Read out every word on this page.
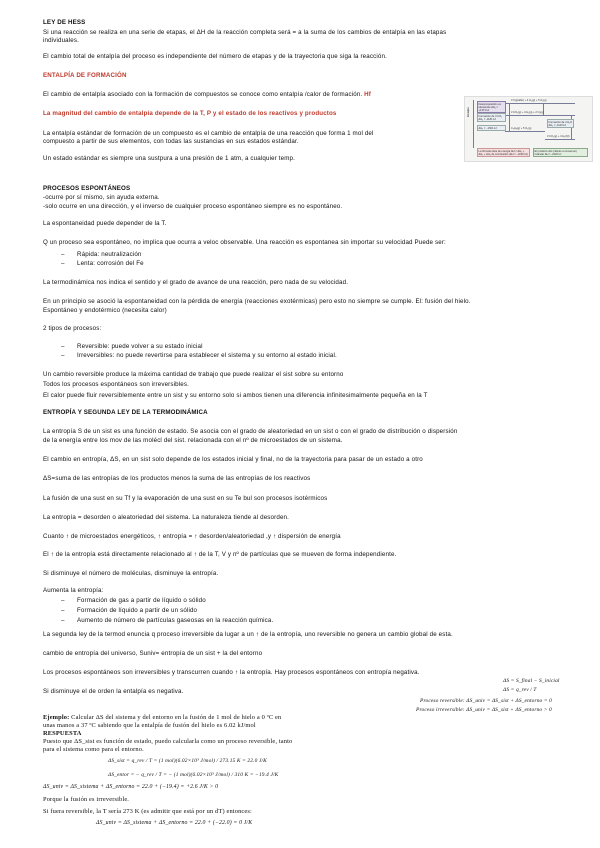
LEY DE HESS
Si una reacción se realiza en una serie de etapas, el ΔH de la reacción completa será = a la suma de los cambios de entalpía en las etapas
individuales.
El cambio total de entalpía del proceso es independiente del número de etapas y de la trayectoria que siga la reacción.
ENTALPÍA DE FORMACIÓN
El cambio de entalpía asociado con la formación de compuestos se conoce como entalpía /calor de formación. Hf
La magnitud del cambio de entalpía depende de la T, P y el estado de los reactivos y productos
La entalpía estándar de formación de un compuesto es el cambio de entalpía de una reacción que forma 1 mol del
compuesto a partir de sus elementos, con todas las sustancias en sus estados estándar.
Un estado estándar es siempre una sustpura a una presión de 1 atm, a cualquier temp.
Entalpía
Descomposición en elementos ΔH₁ = +1371 kJ
Formación de 3 CO₂ ΔH₂ = -1181 kJ
ΔH₃ = −1661 kJ
3 C(grafito) + 4 H₂(g) + 5 O₂(g)
3 CO₂(g) + 4 H₂(g) + 2 O₂(g)
Formación de 4 H₂O ΔH₃ = -1143 kJ
3 CO₂(g) + 4 H₂O(l)
C₃H₈(g) + 5 O₂(g)
La fórmula clara de energía ΔH = ΔH₁ + ΔH₂ + ΔH₃ de combustión (ΔH = −2220 kJ)
El producto ΔH (cálculo a conservar) Calcular ΔH = -2220 kJ
PROCESOS ESPONTÁNEOS
-ocurre por sí mismo, sin ayuda externa.
-solo ocurre en una dirección, y el inverso de cualquier proceso espontáneo siempre es no espontáneo.
La espontaneidad puede depender de la T.
Q un proceso sea espontáneo, no implica que ocurra a veloc observable. Una reacción es espontanea sin importar su velocidad Puede ser:
– Rápida: neutralización
– Lenta: corrosión del Fe
La termodinámica nos indica el sentido y el grado de avance de una reacción, pero nada de su velocidad.
En un principio se asoció la espontaneidad con la pérdida de energía (reacciones exotérmicas) pero esto no siempre se cumple. El: fusión del hielo.
Espontáneo y endotérmico (necesita calor)
2 tipos de procesos:
– Reversible: puede volver a su estado inicial
– Irreversibles: no puede revertirse para establecer el sistema y su entorno al estado inicial.
Un cambio reversible produce la máxima cantidad de trabajo que puede realizar el sist sobre su entorno
Todos los procesos espontáneos son irreversibles.
El calor puede fluir reversiblemente entre un sist y su entorno solo si ambos tienen una diferencia infinitesimalmente pequeña en la T
ENTROPÍA Y SEGUNDA LEY DE LA TERMODINÁMICA
La entropía S de un sist es una función de estado. Se asocia con el grado de aleatoriedad en un sist o con el grado de distribución o dispersión
de la energía entre los mov de las molécl del sist. relacionada con el nº de microestados de un sistema.
El cambio en entropía, ΔS, en un sist solo depende de los estados inicial y final, no de la trayectoria para pasar de un estado a otro
ΔS=suma de las entropías de los productos menos la suma de las entropías de los reactivos
La fusión de una sust en su Tf y la evaporación de una sust en su Te bul son procesos isotérmicos
La entropía = desorden o aleatoriedad del sistema. La naturaleza tiende al desorden.
Cuanto ↑ de microestados energéticos, ↑ entropía = ↑ desorden/aleatoriedad ,y ↑ dispersión de energía
El ↑ de la entropía está directamente relacionado al ↑ de la T, V y nº de partículas que se mueven de forma independiente.
Si disminuye el número de moléculas, disminuye la entropía.
Aumenta la entropía:
– Formación de gas a partir de líquido o sólido
– Formación de líquido a partir de un sólido
– Aumento de número de partículas gaseosas en la reacción química.
La segunda ley de la termod enuncia q proceso irreversible da lugar a un ↑ de la entropía, uno reversible no genera un cambio global de esta.
cambio de entropía del universo, Suniv= entropía de un sist + la del entorno
Los procesos espontáneos son irreversibles y transcurren cuando ↑ la entropía. Hay procesos espontáneos con entropía negativa.
Si disminuye el de orden la entalpía es negativa.
ΔS = S_final − S_inicial
ΔS = q_rev / T
Proceso reversible: ΔS_univ = ΔS_sist + ΔS_entorno = 0
Proceso irreversible: ΔS_univ = ΔS_sist + ΔS_entorno > 0
Ejemplo: Calcular ΔS del sistema y del entorno en la fusión de 1 mol de hielo a 0 ºC en
unas manos a 37 ºC sabiendo que la entalpía de fusión del hielo es 6.02 kJ/mol
RESPUESTA
Puesto que ΔS_sist es función de estado, puedo calcularla como un proceso reversible, tanto
para el sistema como para el entorno.
ΔS_sist = q_rev / T = (1 mol)(6.02×10³ J/mol) / 273.15 K = 22.0 J/K
ΔS_entor = − q_rev / T = − (1 mol)(6.02×10³ J/mol) / 310 K = −19.4 J/K
ΔS_univ = ΔS_sistema + ΔS_entorno = 22.0 + (−19.4) = +2.6 J/K > 0
Porque la fusión es irreversible.
Si fuera reversible, la T sería 273 K (es admitir que está por un dT) entonces:
ΔS_univ = ΔS_sistema + ΔS_entorno = 22.0 + (−22.0) = 0 J/K
